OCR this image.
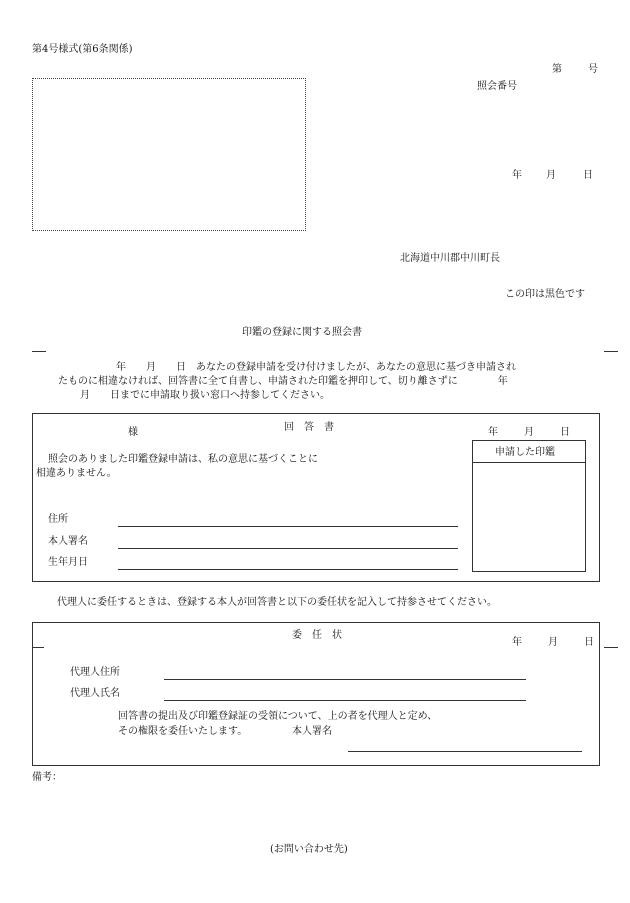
第4号様式(第6条関係)
第	号
照会番号
年 月	日
北海道中川郡中川町長
この印は黒色です
印鑑の登録に関する照会書
年　　月　　日　あなたの登録申請を受け付けましたが、あなたの意思に基づき申請され
たものに相違なければ、回答書に全て自書し、申請された印鑑を押印して、切り離さずに　　　　年
月　　日までに申請取り扱い窓口へ持参してください。
様	回　答　書	年	月	日
申請した印鑑
照会のありました印鑑登録申請は、私の意思に基づくことに
相違ありません。
住所
本人署名
生年月日
代理人に委任するときは、登録する本人が回答書と以下の委任状を記入して持参させてください。
委　任　状
年	月	日
代理人住所
代理人氏名
回答書の提出及び印鑑登録証の受領について、上の者を代理人と定め、
その権限を委任いたします。	本人署名
備考：
(お問い合わせ先)
